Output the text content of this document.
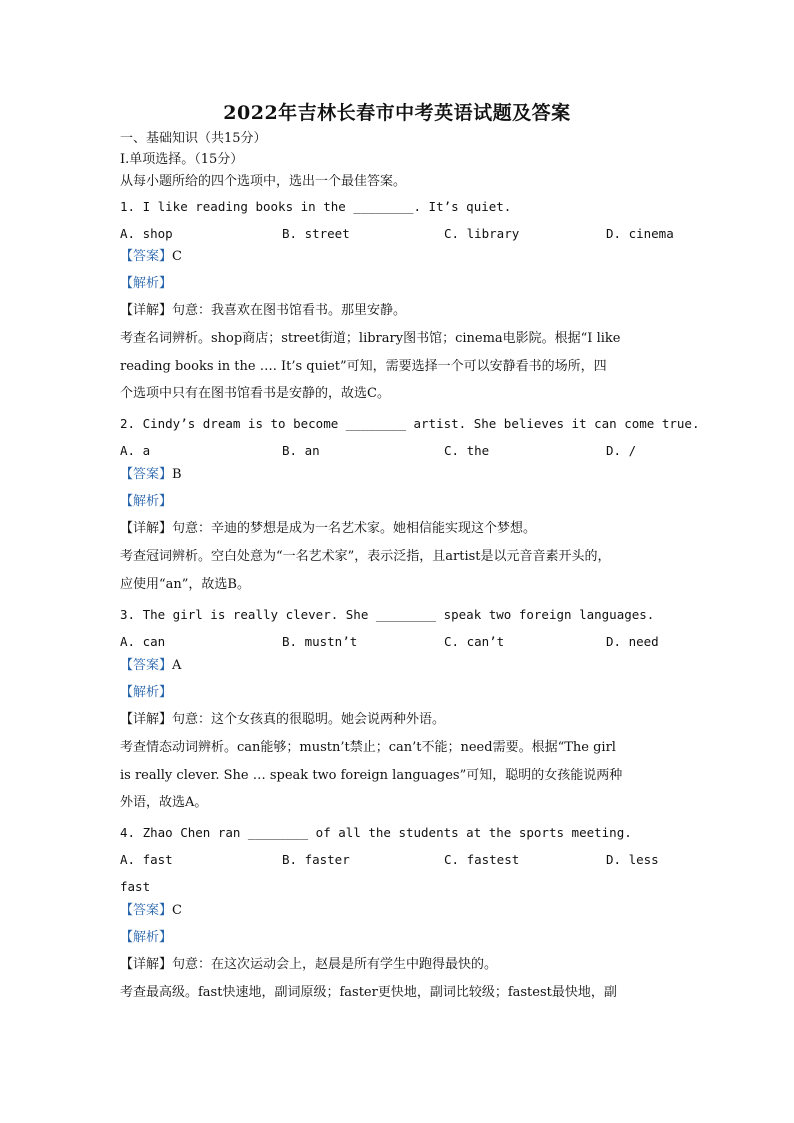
2022年吉林长春市中考英语试题及答案
一、基础知识（共15分）
Ⅰ.单项选择。（15分）
从每小题所给的四个选项中，选出一个最佳答案。
1. I like reading books in the ________. It’s quiet.
A. shop	B. street	C. library	D. cinema
【答案】C
【解析】
【详解】句意：我喜欢在图书馆看书。那里安静。
考查名词辨析。shop商店；street街道；library图书馆；cinema电影院。根据“I like
reading books in the …. It’s quiet”可知，需要选择一个可以安静看书的场所，四
个选项中只有在图书馆看书是安静的，故选C。
2. Cindy’s dream is to become ________ artist. She believes it can come true.
A. a	B. an	C. the	D. /
【答案】B
【解析】
【详解】句意：辛迪的梦想是成为一名艺术家。她相信能实现这个梦想。
考查冠词辨析。空白处意为“一名艺术家”，表示泛指，且artist是以元音音素开头的，
应使用“an”，故选B。
3. The girl is really clever. She ________ speak two foreign languages.
A. can	B. mustn’t	C. can’t	D. need
【答案】A
【解析】
【详解】句意：这个女孩真的很聪明。她会说两种外语。
考查情态动词辨析。can能够；mustn’t禁止；can’t不能；need需要。根据“The girl
is really clever. She … speak two foreign languages”可知，聪明的女孩能说两种
外语，故选A。
4. Zhao Chen ran ________ of all the students at the sports meeting.
A. fast	B. faster	C. fastest	D. less
fast
【答案】C
【解析】
【详解】句意：在这次运动会上，赵晨是所有学生中跑得最快的。
考查最高级。fast快速地，副词原级；faster更快地，副词比较级；fastest最快地，副
